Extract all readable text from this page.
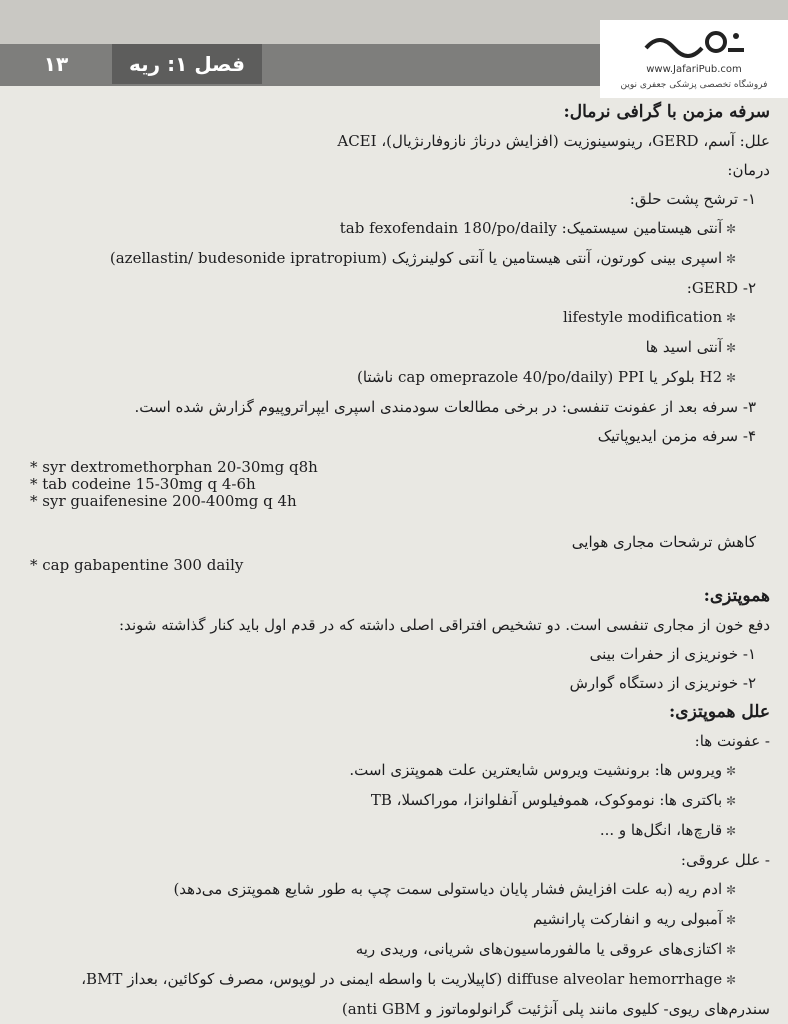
۱۳	فصل ۱: ریه	www.JafariPub.com
فروشگاه تخصصی پزشکی جعفری نوین
سرفه مزمن با گرافی نرمال:
علل: آسم، GERD، رینوسینوزیت (افزایش درناژ نازوفارنژیال)، ACEI
درمان:
۱- ترشح پشت حلق:
✼ آنتی هیستامین سیستمیک: tab fexofendain 180/po/daily
✼ اسپری بینی کورتون، آنتی هیستامین یا آنتی کولینرژیک (azellastin/ budesonide ipratropium)
۲- GERD:
✼ lifestyle modification
✼ آنتی اسید ها
✼ H2 بلوکر یا PPI (cap omeprazole 40/po/daily ناشتا)
۳- سرفه بعد از عفونت تنفسی: در برخی مطالعات سودمندی اسپری ایپراتروپیوم گزارش شده است.
۴- سرفه مزمن ایدیوپاتیک
* syr dextromethorphan 20-30mg q8h
* tab codeine 15-30mg q 4-6h
* syr guaifenesine 200-400mg q 4h
کاهش ترشحات مجاری هوایی
* cap gabapentine 300 daily
هموپتزی:
دفع خون از مجاری تنفسی است. دو تشخیص افتراقی اصلی داشته که در قدم اول باید کنار گذاشته شوند:
۱- خونریزی از حفرات بینی
۲- خونریزی از دستگاه گوارش
علل هموپتزی:
- عفونت ها:
✼ ویروس ها: برونشیت ویروس شایعترین علت هموپتزی است.
✼ باکتری ها: نوموکوک، هموفیلوس آنفلوانزا، موراکسلا، TB
✼ قارچ‌ها، انگل‌ها و ...
- علل عروقی:
✼ ادم ریه (به علت افزایش فشار پایان دیاستولی سمت چپ به طور شایع هموپتزی می‌دهد)
✼ آمبولی ریه و انفارکت پارانشیم
✼ اکتازی‌های عروقی یا مالفورماسیون‌های شریانی، وریدی ریه
✼ diffuse alveolar hemorrhage (کاپیلاریت با واسطه ایمنی در لوپوس، مصرف کوکائین، بعداز BMT،
سندرم‌های ریوی- کلیوی مانند پلی آنژئیت گرانولوماتوز و anti GBM)
